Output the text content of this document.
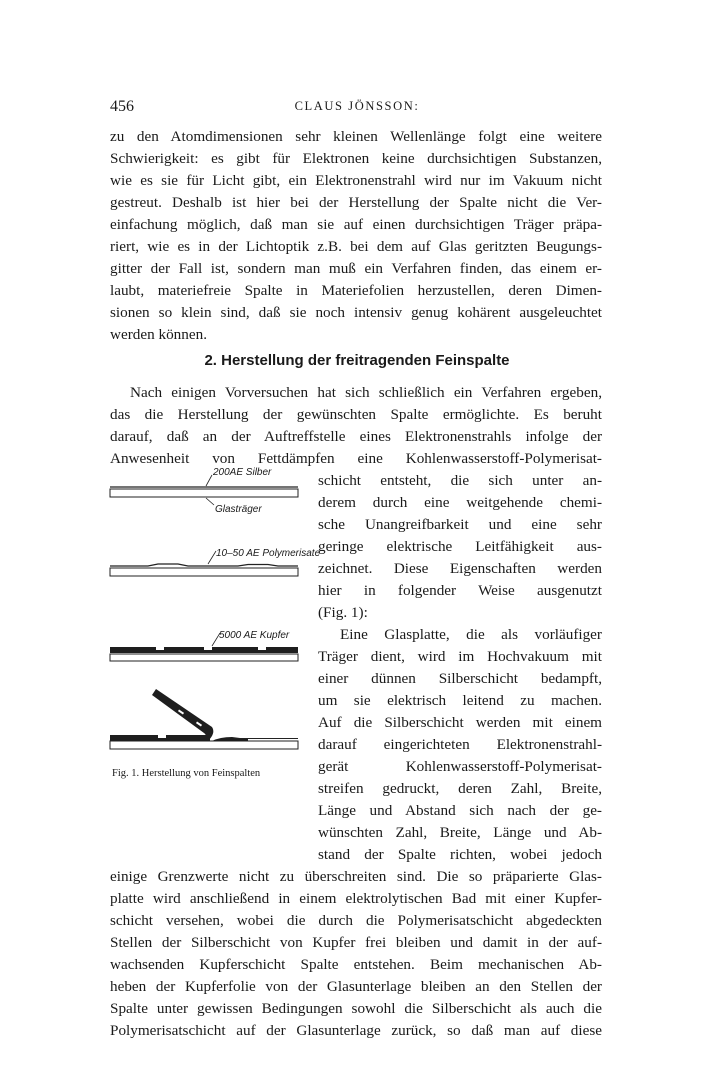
456	CLAUS JÖNSSON:
zu den Atomdimensionen sehr kleinen Wellenlänge folgt eine weitere
Schwierigkeit: es gibt für Elektronen keine durchsichtigen Substanzen,
wie es sie für Licht gibt, ein Elektronenstrahl wird nur im Vakuum nicht
gestreut. Deshalb ist hier bei der Herstellung der Spalte nicht die Ver-
einfachung möglich, daß man sie auf einen durchsichtigen Träger präpa-
riert, wie es in der Lichtoptik z.B. bei dem auf Glas geritzten Beugungs-
gitter der Fall ist, sondern man muß ein Verfahren finden, das einem er-
laubt, materiefreie Spalte in Materiefolien herzustellen, deren Dimen-
sionen so klein sind, daß sie noch intensiv genug kohärent ausgeleuchtet
werden können.
2. Herstellung der freitragenden Feinspalte
Nach einigen Vorversuchen hat sich schließlich ein Verfahren ergeben,
das die Herstellung der gewünschten Spalte ermöglichte. Es beruht
darauf, daß an der Auftreffstelle eines Elektronenstrahls infolge der
Anwesenheit von Fettdämpfen eine Kohlenwasserstoff-Polymerisat-
schicht entsteht, die sich unter an-
derem durch eine weitgehende chemi-
sche Unangreifbarkeit und eine sehr
geringe elektrische Leitfähigkeit aus-
zeichnet. Diese Eigenschaften werden
hier in folgender Weise ausgenutzt
(Fig. 1):
Eine Glasplatte, die als vorläufiger
Träger dient, wird im Hochvakuum mit
einer dünnen Silberschicht bedampft,
um sie elektrisch leitend zu machen.
Auf die Silberschicht werden mit einem
darauf eingerichteten Elektronenstrahl-
gerät Kohlenwasserstoff-Polymerisat-
streifen gedruckt, deren Zahl, Breite,
Länge und Abstand sich nach der ge-
wünschten Zahl, Breite, Länge und Ab-
stand der Spalte richten, wobei jedoch
einige Grenzwerte nicht zu überschreiten sind. Die so präparierte Glas-
platte wird anschließend in einem elektrolytischen Bad mit einer Kupfer-
schicht versehen, wobei die durch die Polymerisatschicht abgedeckten
Stellen der Silberschicht von Kupfer frei bleiben und damit in der auf-
wachsenden Kupferschicht Spalte entstehen. Beim mechanischen Ab-
heben der Kupferfolie von der Glasunterlage bleiben an den Stellen der
Spalte unter gewissen Bedingungen sowohl die Silberschicht als auch die
Polymerisatschicht auf der Glasunterlage zurück, so daß man auf diese
200AE Silber
Glasträger
10–50 AE Polymerisate
5000 AE Kupfer
Fig. 1. Herstellung von Feinspalten
